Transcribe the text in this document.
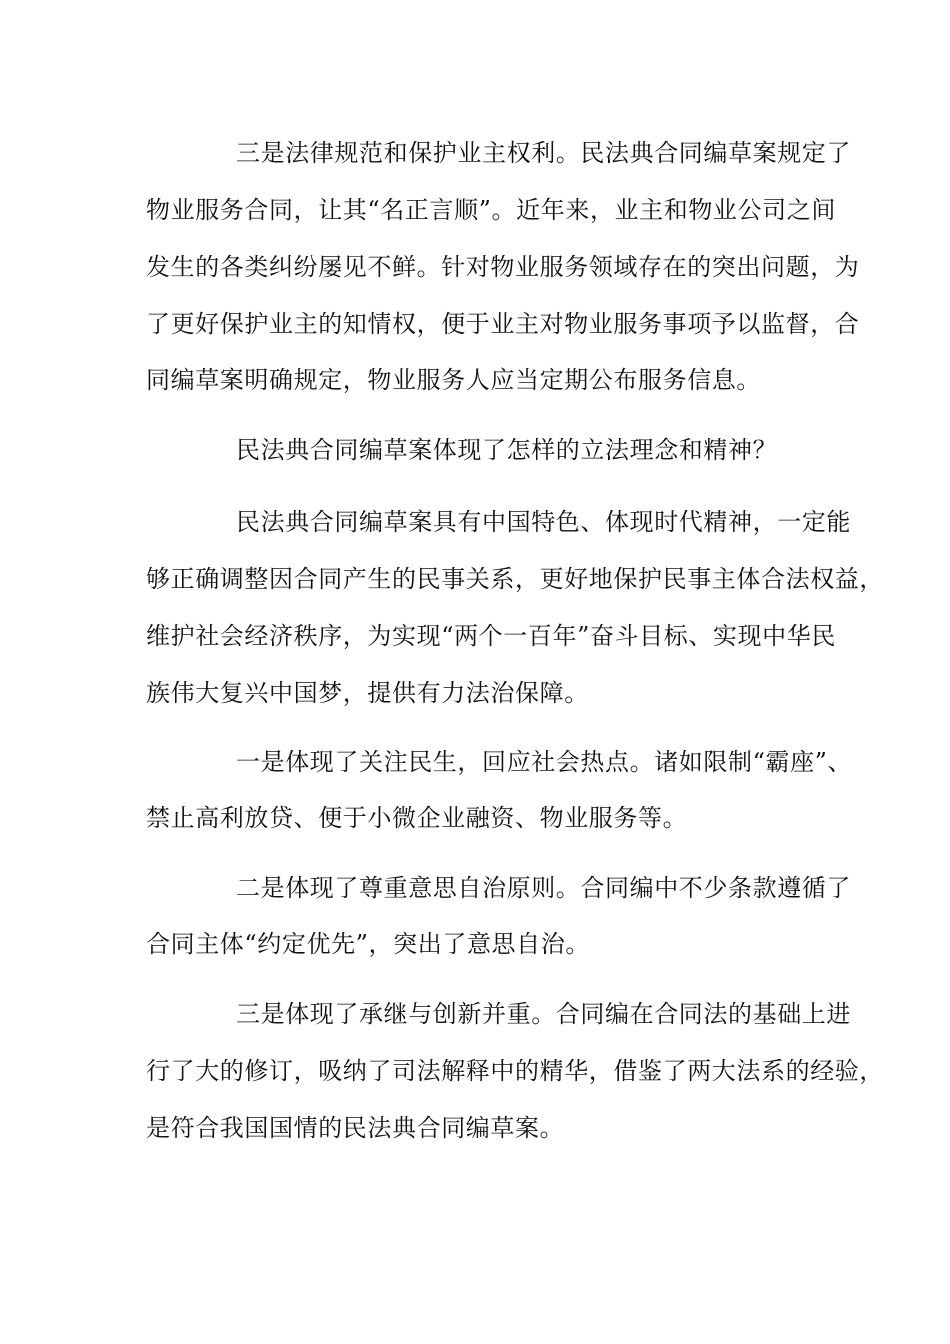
三是法律规范和保护业主权利。民法典合同编草案规定了
物业服务合同，让其“名正言顺”。近年来，业主和物业公司之间
发生的各类纠纷屡见不鲜。针对物业服务领域存在的突出问题，为
了更好保护业主的知情权，便于业主对物业服务事项予以监督，合
同编草案明确规定，物业服务人应当定期公布服务信息。
民法典合同编草案体现了怎样的立法理念和精神？
民法典合同编草案具有中国特色、体现时代精神，一定能
够正确调整因合同产生的民事关系，更好地保护民事主体合法权益，
维护社会经济秩序，为实现“两个一百年”奋斗目标、实现中华民
族伟大复兴中国梦，提供有力法治保障。
一是体现了关注民生，回应社会热点。诸如限制“霸座”、
禁止高利放贷、便于小微企业融资、物业服务等。
二是体现了尊重意思自治原则。合同编中不少条款遵循了
合同主体“约定优先”，突出了意思自治。
三是体现了承继与创新并重。合同编在合同法的基础上进
行了大的修订，吸纳了司法解释中的精华，借鉴了两大法系的经验，
是符合我国国情的民法典合同编草案。
